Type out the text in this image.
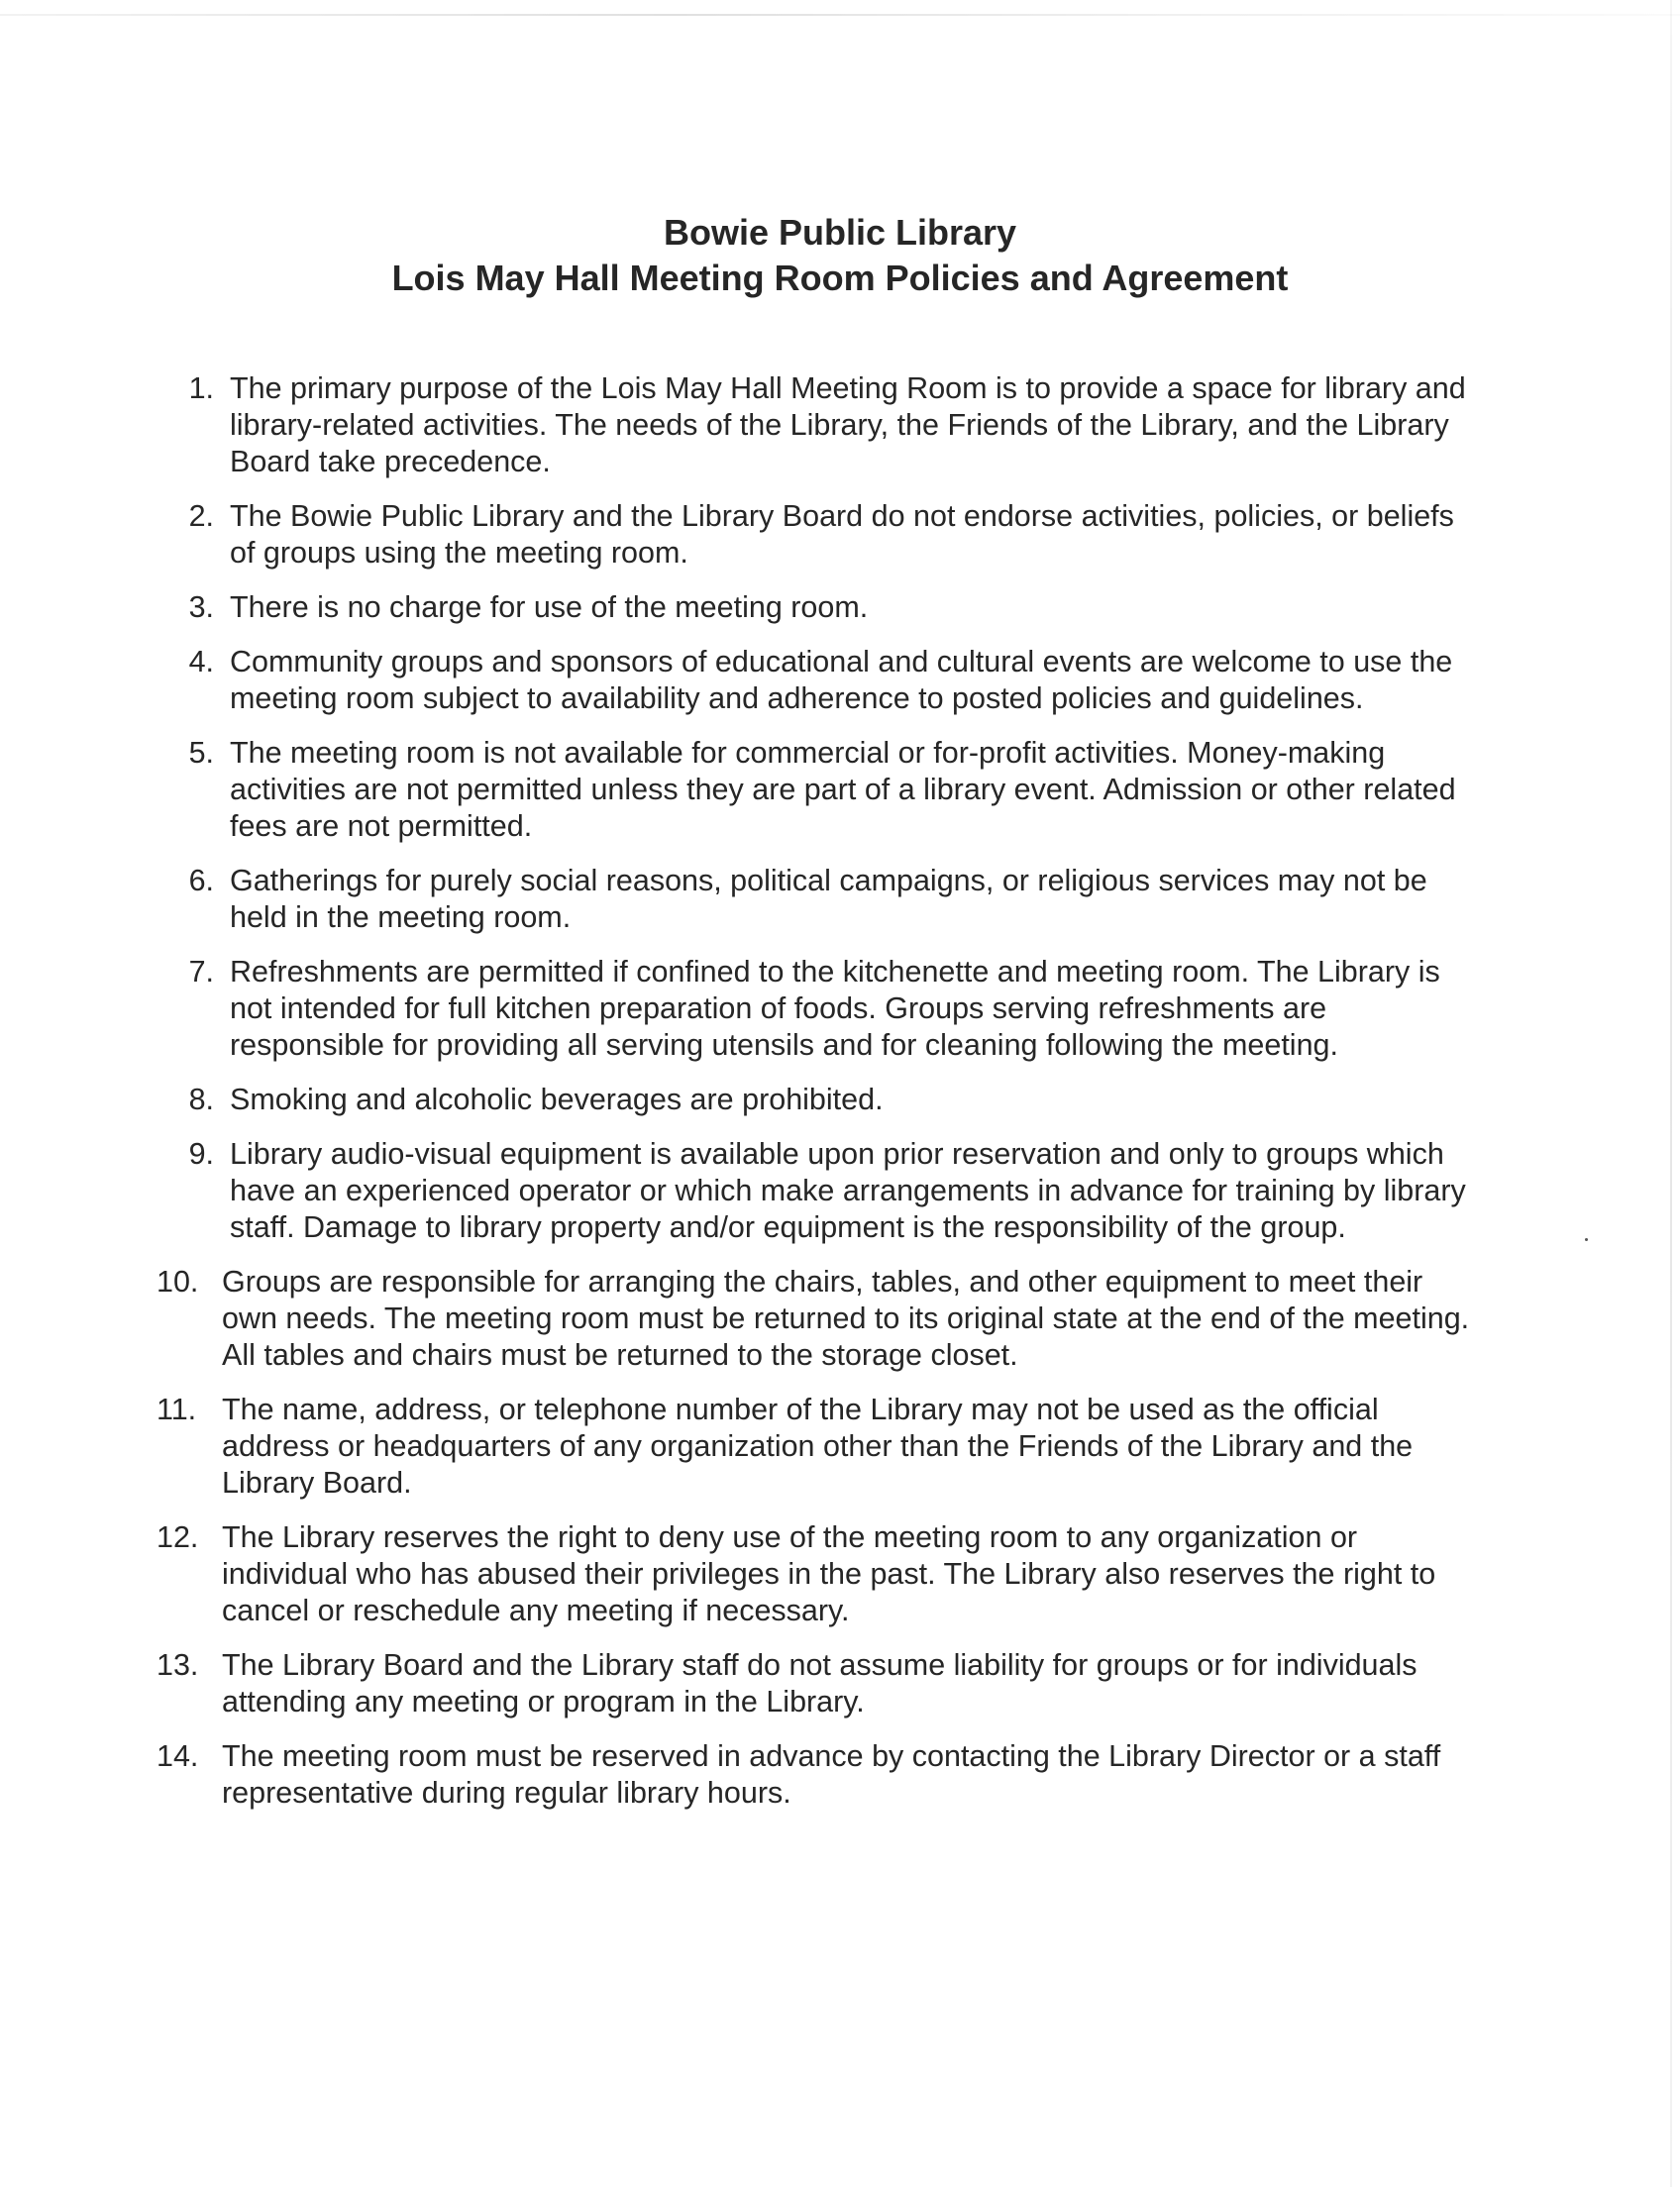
Bowie Public Library
Lois May Hall Meeting Room Policies and Agreement
1. The primary purpose of the Lois May Hall Meeting Room is to provide a space for library and library-related activities. The needs of the Library, the Friends of the Library, and the Library Board take precedence.
2. The Bowie Public Library and the Library Board do not endorse activities, policies, or beliefs of groups using the meeting room.
3. There is no charge for use of the meeting room.
4. Community groups and sponsors of educational and cultural events are welcome to use the meeting room subject to availability and adherence to posted policies and guidelines.
5. The meeting room is not available for commercial or for-profit activities. Money-making activities are not permitted unless they are part of a library event. Admission or other related fees are not permitted.
6. Gatherings for purely social reasons, political campaigns, or religious services may not be held in the meeting room.
7. Refreshments are permitted if confined to the kitchenette and meeting room. The Library is not intended for full kitchen preparation of foods. Groups serving refreshments are responsible for providing all serving utensils and for cleaning following the meeting.
8. Smoking and alcoholic beverages are prohibited.
9. Library audio-visual equipment is available upon prior reservation and only to groups which have an experienced operator or which make arrangements in advance for training by library staff. Damage to library property and/or equipment is the responsibility of the group.
10. Groups are responsible for arranging the chairs, tables, and other equipment to meet their own needs. The meeting room must be returned to its original state at the end of the meeting. All tables and chairs must be returned to the storage closet.
11. The name, address, or telephone number of the Library may not be used as the official address or headquarters of any organization other than the Friends of the Library and the Library Board.
12. The Library reserves the right to deny use of the meeting room to any organization or individual who has abused their privileges in the past. The Library also reserves the right to cancel or reschedule any meeting if necessary.
13. The Library Board and the Library staff do not assume liability for groups or for individuals attending any meeting or program in the Library.
14. The meeting room must be reserved in advance by contacting the Library Director or a staff representative during regular library hours.
